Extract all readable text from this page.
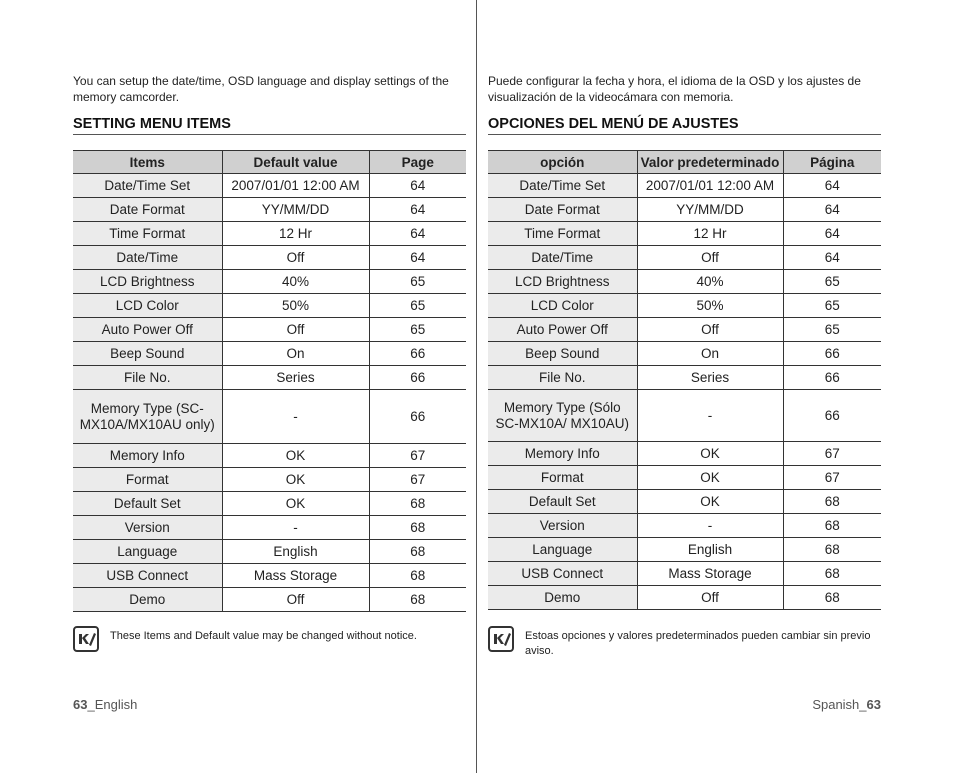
You can setup the date/time, OSD language and display settings of the memory camcorder.
SETTING MENU ITEMS
Items	Default value	Page
Date/Time Set	2007/01/01 12:00 AM	64
Date Format	YY/MM/DD	64
Time Format	12 Hr	64
Date/Time	Off	64
LCD Brightness	40%	65
LCD Color	50%	65
Auto Power Off	Off	65
Beep Sound	On	66
File No.	Series	66
Memory Type (SC-MX10A/MX10AU only)	-	66
Memory Info	OK	67
Format	OK	67
Default Set	OK	68
Version	-	68
Language	English	68
USB Connect	Mass Storage	68
Demo	Off	68
These Items and Default value may be changed without notice.
63_English
Puede configurar la fecha y hora, el idioma de la OSD y los ajustes de visualización de la videocámara con memoria.
OPCIONES DEL MENÚ DE AJUSTES
opción	Valor predeterminado	Página
Date/Time Set	2007/01/01 12:00 AM	64
Date Format	YY/MM/DD	64
Time Format	12 Hr	64
Date/Time	Off	64
LCD Brightness	40%	65
LCD Color	50%	65
Auto Power Off	Off	65
Beep Sound	On	66
File No.	Series	66
Memory Type (Sólo SC-MX10A/ MX10AU)	-	66
Memory Info	OK	67
Format	OK	67
Default Set	OK	68
Version	-	68
Language	English	68
USB Connect	Mass Storage	68
Demo	Off	68
Estoas opciones y valores predeterminados pueden cambiar sin previo aviso.
Spanish_63
